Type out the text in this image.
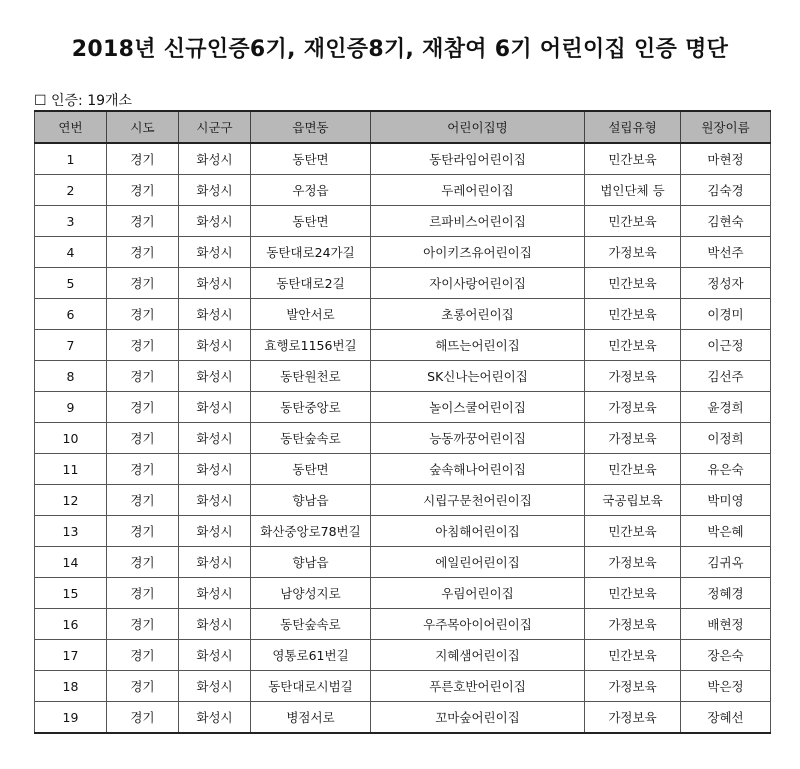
2018년 신규인증6기, 재인증8기, 재참여 6기 어린이집 인증 명단
☐ 인증: 19개소
연번	시도	시군구	읍면동	어린이집명	설립유형	원장이름
1	경기	화성시	동탄면	동탄라임어린이집	민간보육	마현정
2	경기	화성시	우정읍	두레어린이집	법인단체 등	김숙경
3	경기	화성시	동탄면	르파비스어린이집	민간보육	김현숙
4	경기	화성시	동탄대로24가길	아이키즈유어린이집	가정보육	박선주
5	경기	화성시	동탄대로2길	자이사랑어린이집	민간보육	정성자
6	경기	화성시	발안서로	초롱어린이집	민간보육	이경미
7	경기	화성시	효행로1156번길	해뜨는어린이집	민간보육	이근정
8	경기	화성시	동탄원천로	SK신나는어린이집	가정보육	김선주
9	경기	화성시	동탄중앙로	놀이스쿨어린이집	가정보육	윤경희
10	경기	화성시	동탄숲속로	능동까꿍어린이집	가정보육	이정희
11	경기	화성시	동탄면	숲속해나어린이집	민간보육	유은숙
12	경기	화성시	향남읍	시립구문천어린이집	국공립보육	박미영
13	경기	화성시	화산중앙로78번길	아침해어린이집	민간보육	박은혜
14	경기	화성시	향남읍	에일린어린이집	가정보육	김귀옥
15	경기	화성시	남양성지로	우림어린이집	민간보육	정혜경
16	경기	화성시	동탄숲속로	우주목아이어린이집	가정보육	배현정
17	경기	화성시	영통로61번길	지혜샘어린이집	민간보육	장은숙
18	경기	화성시	동탄대로시범길	푸른호반어린이집	가정보육	박은정
19	경기	화성시	병점서로	꼬마숲어린이집	가정보육	장혜선
